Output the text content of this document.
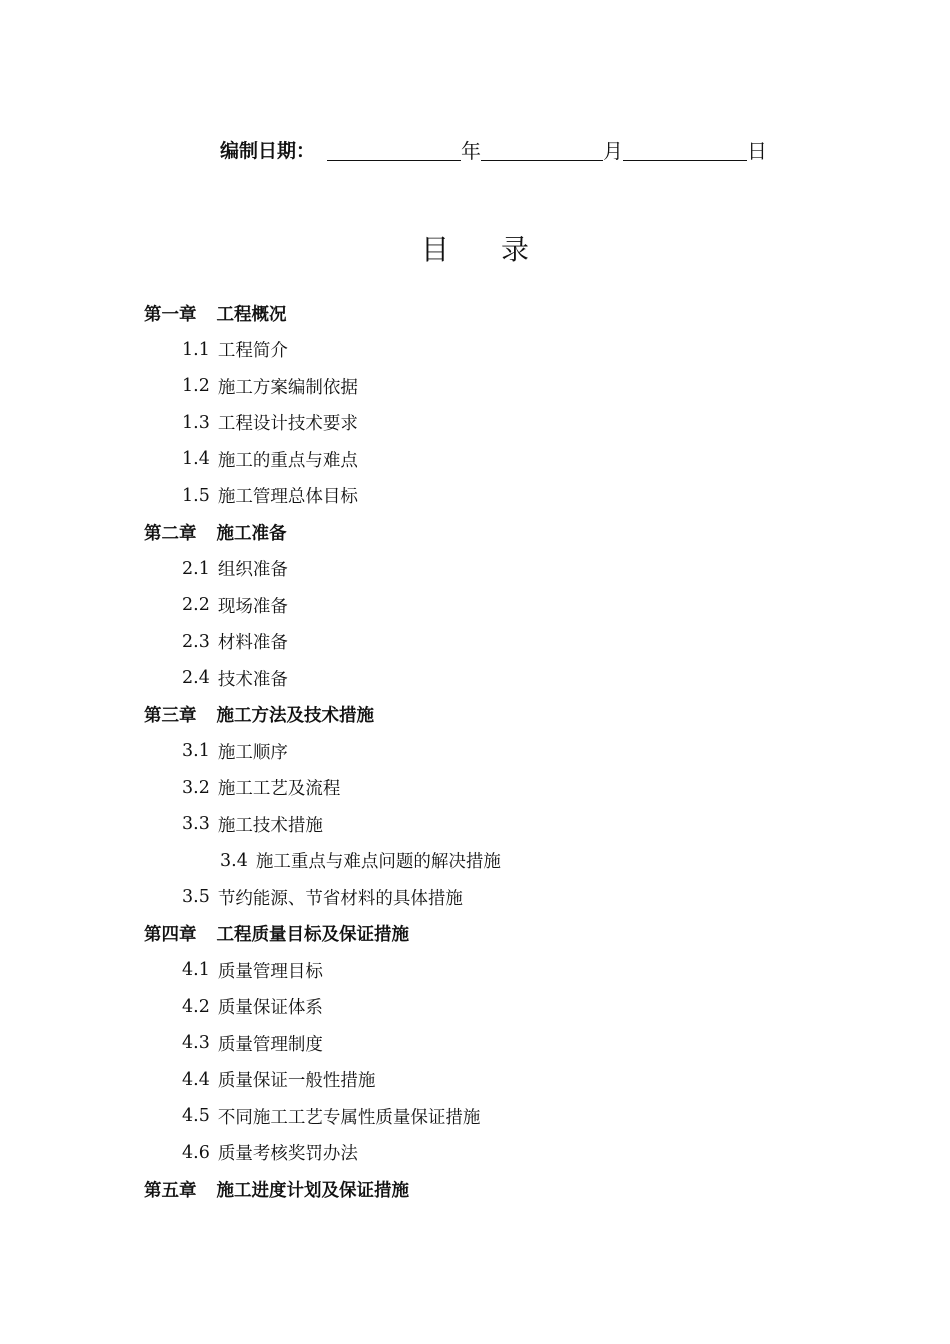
编制日期：	年	月	日
目录
第一章 工程概况
1.1 工程简介
1.2 施工方案编制依据
1.3 工程设计技术要求
1.4 施工的重点与难点
1.5 施工管理总体目标
第二章 施工准备
2.1 组织准备
2.2 现场准备
2.3 材料准备
2.4 技术准备
第三章 施工方法及技术措施
3.1 施工顺序
3.2 施工工艺及流程
3.3 施工技术措施
3.4 施工重点与难点问题的解决措施
3.5 节约能源、节省材料的具体措施
第四章 工程质量目标及保证措施
4.1 质量管理目标
4.2 质量保证体系
4.3 质量管理制度
4.4 质量保证一般性措施
4.5 不同施工工艺专属性质量保证措施
4.6 质量考核奖罚办法
第五章 施工进度计划及保证措施
